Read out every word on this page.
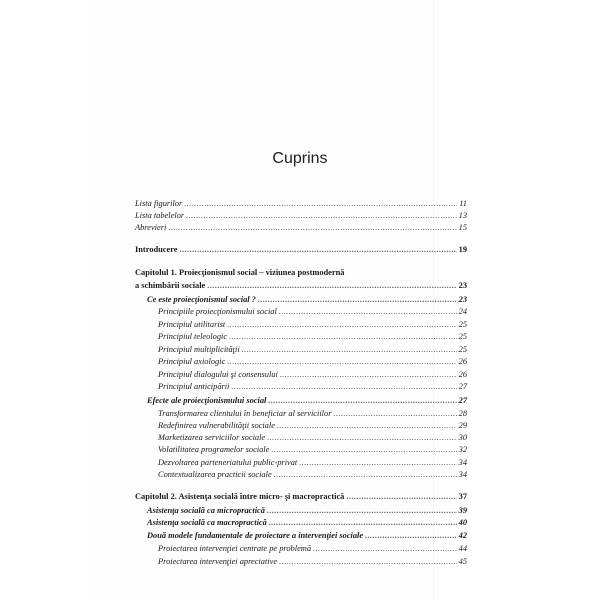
Cuprins
Lista figurilor .....	11
Lista tabelelor .....	13
Abrevieri .....	15
Introducere .....	19
Capitolul 1. Proiecţionismul social – viziunea postmodernă
a schimbării sociale .....	23
Ce este proiecţionismul social ? .....	23
Principiile proiecţionismului social .....	24
Principiul utilitarist .....	25
Principiul teleologic .....	25
Principiul multiplicităţii .....	25
Principiul axiologic .....	26
Principiul dialogului şi consensului .....	26
Principiul anticipării .....	27
Efecte ale proiecţionismului social .....	27
Transformarea clientului în beneficiar al serviciilor .....	28
Redefinirea vulnerabilităţii sociale .....	29
Marketizarea serviciilor sociale .....	30
Volatilitatea programelor sociale .....	32
Dezvoltarea parteneriatului public-privat .....	34
Contextualizarea practicii sociale .....	34
Capitolul 2. Asistenţa socială între micro- şi macropractică .....	37
Asistenţa socială ca micropractică .....	39
Asistenţa socială ca macropractică .....	40
Două modele fundamentale de proiectare a intervenţiei sociale .....	42
Proiectarea intervenţiei centrate pe problemă .....	44
Proiectarea intervenţiei apreciative .....	45
